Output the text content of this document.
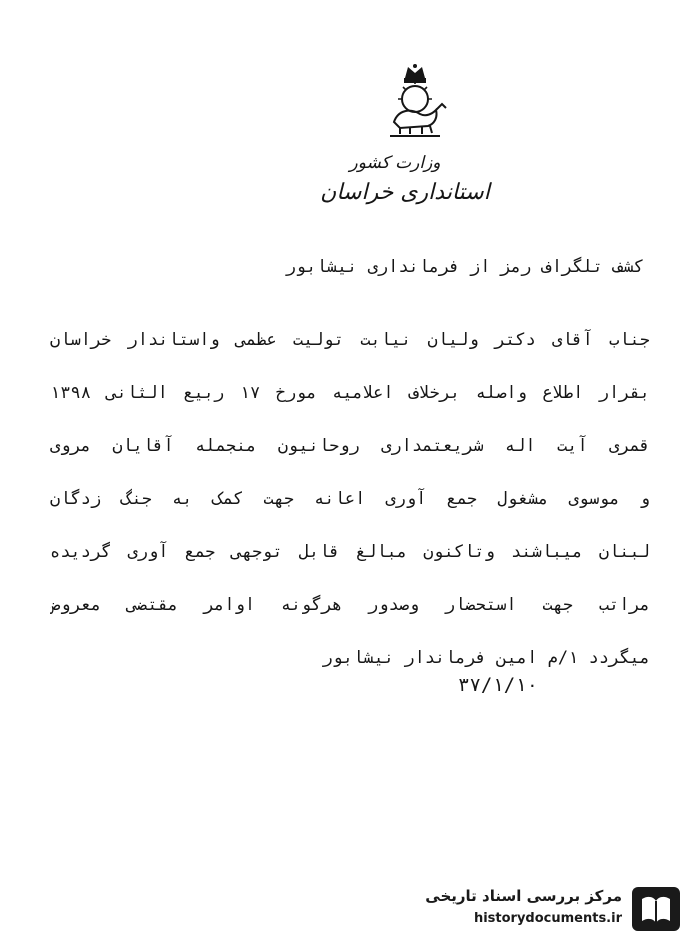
وزارت کشور
استانداری خراسان
کشف تلگراف رمز از فرمانداری نیشابور
جناب آقای دکتر ولیان نیابت تولیت عظمی واستاندار خراسان
بقرار اطلاع واصله برخلاف اعلامیه مورخ ۱۷ ربیع الثانی ۱۳۹۸
قمری آیت اله شریعتمداری روحانیون منجمله آقایان مروی
و موسوی مشغول جمع آوری اعانه جهت کمک به جنگ زدگان
لبنان میباشند وتاکنون مبالغ قابل توجهی جمع آوری گردیده
مراتب جهت استحضار وصدور هرگونه اوامر مقتضی معروض
میگردد ۱/م امین فرماندار نیشابور
۳۷/۱/۱۰
مرکز بررسی اسناد تاریخی
historydocuments.ir
